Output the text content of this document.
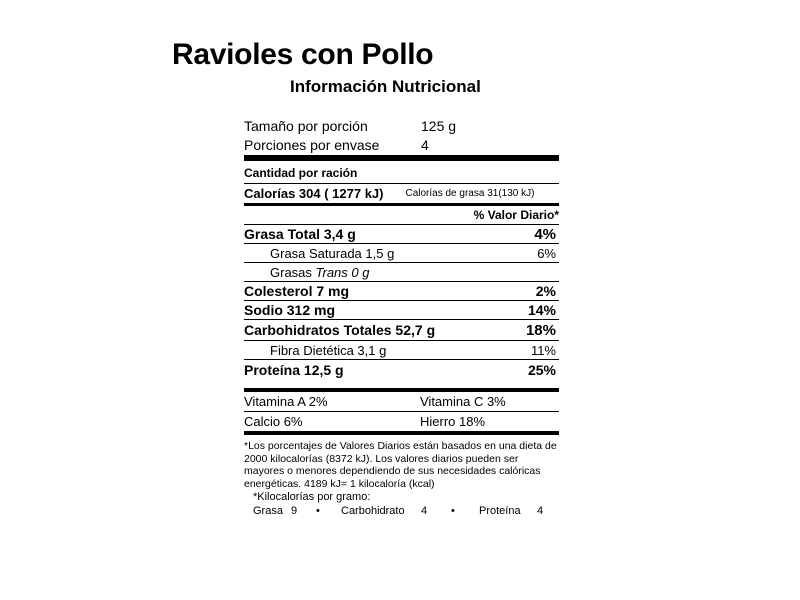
Ravioles con Pollo
Información Nutricional
Tamaño por porción	125 g
Porciones por envase	4
Cantidad por ración
Calorías 304 ( 1277 kJ) Calorías de grasa 31(130 kJ)
% Valor Diario*
Grasa Total 3,4 g	4%
Grasa Saturada 1,5 g	6%
Grasas Trans 0 g
Colesterol 7 mg	2%
Sodio 312 mg	14%
Carbohidratos Totales 52,7 g	18%
Fibra Dietética 3,1 g	11%
Proteína 12,5 g	25%
Vitamina A 2%	Vitamina C 3%
Calcio 6%	Hierro 18%
*Los porcentajes de Valores Diarios están basados en una dieta de 2000 kilocalorías (8372 kJ). Los valores diarios pueden ser mayores o menores dependiendo de sus necesidades calóricas energéticas. 4189 kJ= 1 kilocaloría (kcal)
*Kilocalorías por gramo:
Grasa 9	•	Carbohidrato	4	•	Proteína	4
